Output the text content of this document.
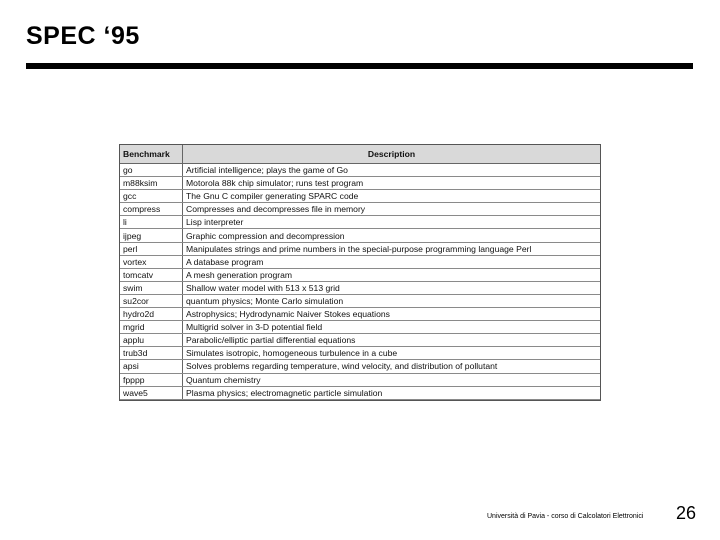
SPEC ‘95
Benchmark	Description
go	Artificial intelligence; plays the game of Go
m88ksim	Motorola 88k chip simulator; runs test program
gcc	The Gnu C compiler generating SPARC code
compress	Compresses and decompresses file in memory
li	Lisp interpreter
ijpeg	Graphic compression and decompression
perl	Manipulates strings and prime numbers in the special-purpose programming language Perl
vortex	A database program
tomcatv	A mesh generation program
swim	Shallow water model with 513 x 513 grid
su2cor	quantum physics; Monte Carlo simulation
hydro2d	Astrophysics; Hydrodynamic Naiver Stokes equations
mgrid	Multigrid solver in 3-D potential field
applu	Parabolic/elliptic partial differential equations
trub3d	Simulates isotropic, homogeneous turbulence in a cube
apsi	Solves problems regarding temperature, wind velocity, and distribution of pollutant
fpppp	Quantum chemistry
wave5	Plasma physics; electromagnetic particle simulation
Università di Pavia - corso di Calcolatori Elettronici 26
